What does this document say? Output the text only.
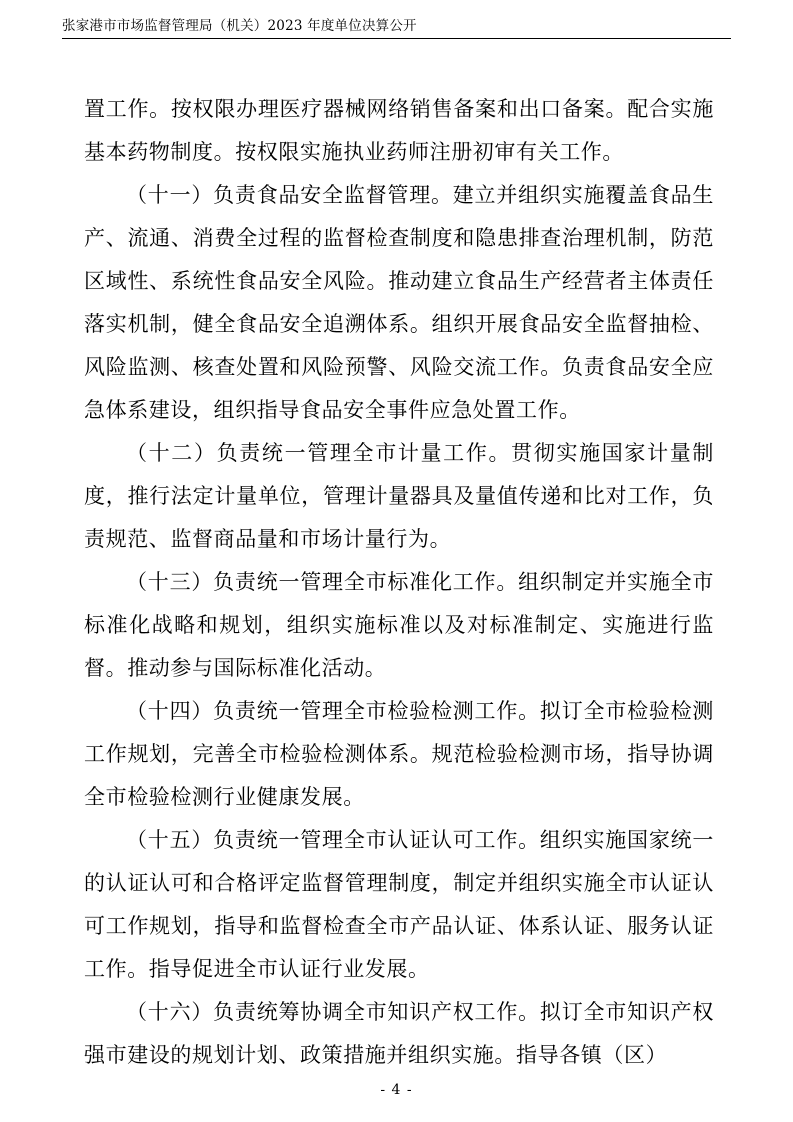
张家港市市场监督管理局（机关）2023 年度单位决算公开

置工作。按权限办理医疗器械网络销售备案和出口备案。配合实施基本药物制度。按权限实施执业药师注册初审有关工作。

（十一）负责食品安全监督管理。建立并组织实施覆盖食品生产、流通、消费全过程的监督检查制度和隐患排查治理机制，防范区域性、系统性食品安全风险。推动建立食品生产经营者主体责任落实机制，健全食品安全追溯体系。组织开展食品安全监督抽检、风险监测、核查处置和风险预警、风险交流工作。负责食品安全应急体系建设，组织指导食品安全事件应急处置工作。

（十二）负责统一管理全市计量工作。贯彻实施国家计量制度，推行法定计量单位，管理计量器具及量值传递和比对工作，负责规范、监督商品量和市场计量行为。

（十三）负责统一管理全市标准化工作。组织制定并实施全市标准化战略和规划，组织实施标准以及对标准制定、实施进行监督。推动参与国际标准化活动。

（十四）负责统一管理全市检验检测工作。拟订全市检验检测工作规划，完善全市检验检测体系。规范检验检测市场，指导协调全市检验检测行业健康发展。

（十五）负责统一管理全市认证认可工作。组织实施国家统一的认证认可和合格评定监督管理制度，制定并组织实施全市认证认可工作规划，指导和监督检查全市产品认证、体系认证、服务认证工作。指导促进全市认证行业发展。

（十六）负责统筹协调全市知识产权工作。拟订全市知识产权强市建设的规划计划、政策措施并组织实施。指导各镇（区）

- 4 -
